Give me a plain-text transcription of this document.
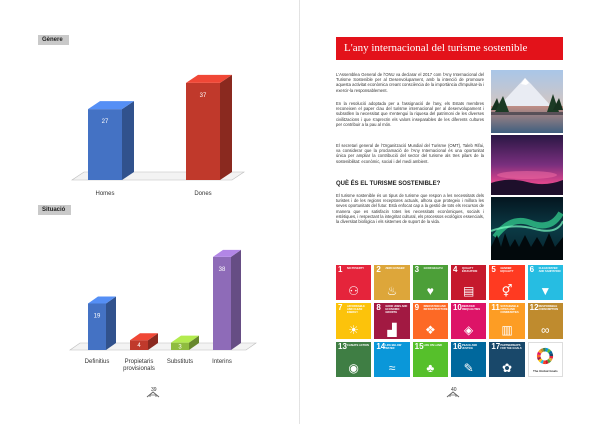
Gènere
27
Homes
37
Dones
Situació
19
Definitius
4
Propietaris provisionals
3
Substituts
38
Interins
39
L'any internacional del turisme sostenible
L'Assemblea General de l'ONU va declarar el 2017 com l'Any Internacional del Turisme Sostenible per al Desenvolupament, amb la intenció de promoure aquesta activitat econòmica creant consciència de la importància d'impulsar-la i exercir-la responsablement.
En la resolució adoptada per a l'assignació de l'any, els Estats membres reconeixen el paper clau del turisme internacional per al desenvolupament i subratllen la necessitat que s'entengui la riquesa del patrimoni de les diverses civilitzacions i que s'aprecïin els valors inseparables de les diferents cultures per contribuir a la pau al món.
El secretari general de l'Organització Mundial del Turisme (OMT), Taleb Rifai, va considerar que la proclamació de l'Any Internacional és una oportunitat única per ampliar la contribució del sector del turisme als tres pilars de la sostenibilitat: econòmic, social i del medi ambient.
QUÈ ÉS EL TURISME SOSTENIBLE?
El turisme sostenible és un tipus de turisme que respon a les necessitats dels turistes i de les regions receptores actuals, alhora que protegeix i millora les seves oportunitats del futur. Està enfocat cap a la gestió de tots els recursos de manera que es satisfacin totes les necessitats econòmiques, socials i estètiques, i respectant la integritat cultural, els processos ecològics essencials, la diversitat biològica i els sistemes de suport de la vida.
1 NO POVERTY
⚇
2 ZERO HUNGER
♨
3 GOOD HEALTH
♥
4 QUALITY EDUCATION
▤
5 GENDER EQUALITY
⚥
6 CLEAN WATER AND SANITATION
▼
7 AFFORDABLE AND CLEAN ENERGY
☀
8 GOOD JOBS AND ECONOMIC GROWTH
▟
9 INNOVATION AND INFRASTRUCTURE
❖
10 REDUCED INEQUALITIES
◈
11 SUSTAINABLE CITIES AND COMMUNITIES
▥
12 RESPONSIBLE CONSUMPTION
∞
13 CLIMATE ACTION
◉
14 LIFE BELOW WATER
≈
15 LIFE ON LAND
♣
16 PEACE AND JUSTICE
✎
17 PARTNERSHIPS FOR THE GOALS
✿	The Global Goals
40
